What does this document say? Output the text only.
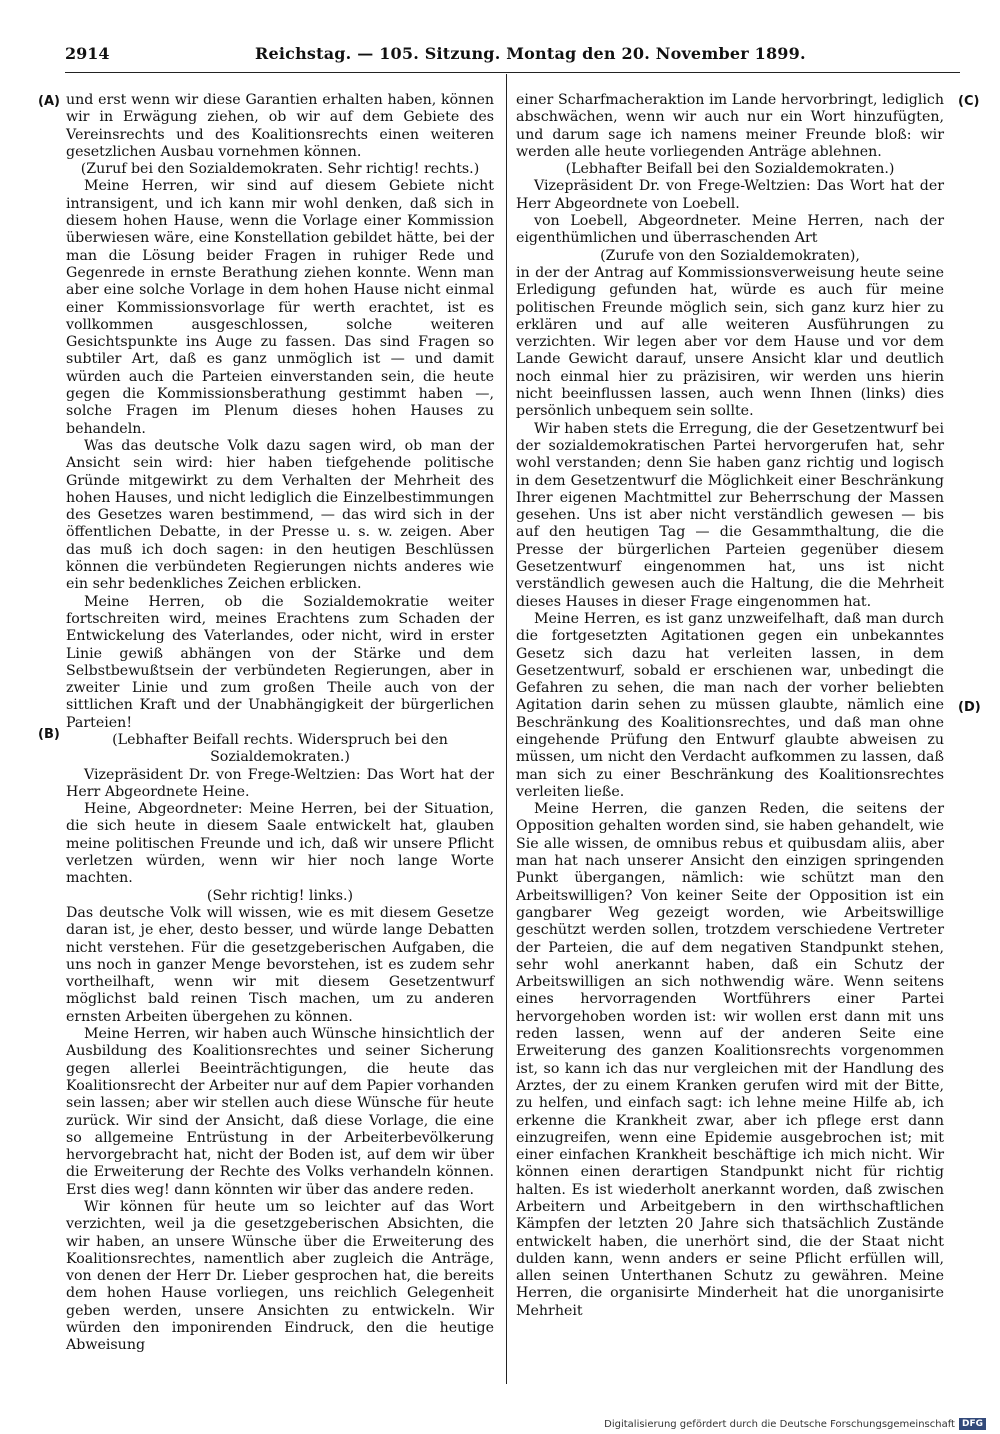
2914	Reichstag. — 105. Sitzung. Montag den 20. November 1899.
(A)
(B)
(C)
(D)

und erst wenn wir diese Garantien erhalten haben, können wir in Erwägung ziehen, ob wir auf dem Gebiete des Vereinsrechts und des Koalitionsrechts einen weiteren gesetzlichen Ausbau vornehmen können.

(Zuruf bei den Sozialdemokraten. Sehr richtig! rechts.)

Meine Herren, wir sind auf diesem Gebiete nicht intransigent, und ich kann mir wohl denken, daß sich in diesem hohen Hause, wenn die Vorlage einer Kommission überwiesen wäre, eine Konstellation gebildet hätte, bei der man die Lösung beider Fragen in ruhiger Rede und Gegenrede in ernste Berathung ziehen konnte. Wenn man aber eine solche Vorlage in dem hohen Hause nicht einmal einer Kommissionsvorlage für werth erachtet, ist es vollkommen ausgeschlossen, solche weiteren Gesichtspunkte ins Auge zu fassen. Das sind Fragen so subtiler Art, daß es ganz unmöglich ist — und damit würden auch die Parteien einverstanden sein, die heute gegen die Kommissionsberathung gestimmt haben —, solche Fragen im Plenum dieses hohen Hauses zu behandeln.

Was das deutsche Volk dazu sagen wird, ob man der Ansicht sein wird: hier haben tiefgehende politische Gründe mitgewirkt zu dem Verhalten der Mehrheit des hohen Hauses, und nicht lediglich die Einzelbestimmungen des Gesetzes waren bestimmend, — das wird sich in der öffentlichen Debatte, in der Presse u. s. w. zeigen. Aber das muß ich doch sagen: in den heutigen Beschlüssen können die verbündeten Regierungen nichts anderes wie ein sehr bedenkliches Zeichen erblicken.

Meine Herren, ob die Sozialdemokratie weiter fortschreiten wird, meines Erachtens zum Schaden der Entwickelung des Vaterlandes, oder nicht, wird in erster Linie gewiß abhängen von der Stärke und dem Selbstbewußtsein der verbündeten Regierungen, aber in zweiter Linie und zum großen Theile auch von der sittlichen Kraft und der Unabhängigkeit der bürgerlichen Parteien!

(Lebhafter Beifall rechts. Widerspruch bei den Sozialdemokraten.)

Vizepräsident Dr. von Frege-Weltzien: Das Wort hat der Herr Abgeordnete Heine.

Heine, Abgeordneter: Meine Herren, bei der Situation, die sich heute in diesem Saale entwickelt hat, glauben meine politischen Freunde und ich, daß wir unsere Pflicht verletzen würden, wenn wir hier noch lange Worte machten.

(Sehr richtig! links.)

Das deutsche Volk will wissen, wie es mit diesem Gesetze daran ist, je eher, desto besser, und würde lange Debatten nicht verstehen. Für die gesetzgeberischen Aufgaben, die uns noch in ganzer Menge bevorstehen, ist es zudem sehr vortheilhaft, wenn wir mit diesem Gesetzentwurf möglichst bald reinen Tisch machen, um zu anderen ernsten Arbeiten übergehen zu können.

Meine Herren, wir haben auch Wünsche hinsichtlich der Ausbildung des Koalitionsrechtes und seiner Sicherung gegen allerlei Beeinträchtigungen, die heute das Koalitionsrecht der Arbeiter nur auf dem Papier vorhanden sein lassen; aber wir stellen auch diese Wünsche für heute zurück. Wir sind der Ansicht, daß diese Vorlage, die eine so allgemeine Entrüstung in der Arbeiterbevölkerung hervorgebracht hat, nicht der Boden ist, auf dem wir über die Erweiterung der Rechte des Volks verhandeln können. Erst dies weg! dann könnten wir über das andere reden.

Wir können für heute um so leichter auf das Wort verzichten, weil ja die gesetzgeberischen Absichten, die wir haben, an unsere Wünsche über die Erweiterung des Koalitionsrechtes, namentlich aber zugleich die Anträge, von denen der Herr Dr. Lieber gesprochen hat, die bereits dem hohen Hause vorliegen, uns reichlich Gelegenheit geben werden, unsere Ansichten zu entwickeln. Wir würden den imponirenden Eindruck, den die heutige Abweisung

einer Scharfmacheraktion im Lande hervorbringt, lediglich abschwächen, wenn wir auch nur ein Wort hinzufügten, und darum sage ich namens meiner Freunde bloß: wir werden alle heute vorliegenden Anträge ablehnen.

(Lebhafter Beifall bei den Sozialdemokraten.)

Vizepräsident Dr. von Frege-Weltzien: Das Wort hat der Herr Abgeordnete von Loebell.

von Loebell, Abgeordneter. Meine Herren, nach der eigenthümlichen und überraschenden Art

(Zurufe von den Sozialdemokraten),

in der der Antrag auf Kommissionsverweisung heute seine Erledigung gefunden hat, würde es auch für meine politischen Freunde möglich sein, sich ganz kurz hier zu erklären und auf alle weiteren Ausführungen zu verzichten. Wir legen aber vor dem Hause und vor dem Lande Gewicht darauf, unsere Ansicht klar und deutlich noch einmal hier zu präzisiren, wir werden uns hierin nicht beeinflussen lassen, auch wenn Ihnen (links) dies persönlich unbequem sein sollte.

Wir haben stets die Erregung, die der Gesetzentwurf bei der sozialdemokratischen Partei hervorgerufen hat, sehr wohl verstanden; denn Sie haben ganz richtig und logisch in dem Gesetzentwurf die Möglichkeit einer Beschränkung Ihrer eigenen Machtmittel zur Beherrschung der Massen gesehen. Uns ist aber nicht verständlich gewesen — bis auf den heutigen Tag — die Gesammthaltung, die die Presse der bürgerlichen Parteien gegenüber diesem Gesetzentwurf eingenommen hat, uns ist nicht verständlich gewesen auch die Haltung, die die Mehrheit dieses Hauses in dieser Frage eingenommen hat.

Meine Herren, es ist ganz unzweifelhaft, daß man durch die fortgesetzten Agitationen gegen ein unbekanntes Gesetz sich dazu hat verleiten lassen, in dem Gesetzentwurf, sobald er erschienen war, unbedingt die Gefahren zu sehen, die man nach der vorher beliebten Agitation darin sehen zu müssen glaubte, nämlich eine Beschränkung des Koalitionsrechtes, und daß man ohne eingehende Prüfung den Entwurf glaubte abweisen zu müssen, um nicht den Verdacht aufkommen zu lassen, daß man sich zu einer Beschränkung des Koalitionsrechtes verleiten ließe.

Meine Herren, die ganzen Reden, die seitens der Opposition gehalten worden sind, sie haben gehandelt, wie Sie alle wissen, de omnibus rebus et quibusdam aliis, aber man hat nach unserer Ansicht den einzigen springenden Punkt übergangen, nämlich: wie schützt man den Arbeitswilligen? Von keiner Seite der Opposition ist ein gangbarer Weg gezeigt worden, wie Arbeitswillige geschützt werden sollen, trotzdem verschiedene Vertreter der Parteien, die auf dem negativen Standpunkt stehen, sehr wohl anerkannt haben, daß ein Schutz der Arbeitswilligen an sich nothwendig wäre. Wenn seitens eines hervorragenden Wortführers einer Partei hervorgehoben worden ist: wir wollen erst dann mit uns reden lassen, wenn auf der anderen Seite eine Erweiterung des ganzen Koalitionsrechts vorgenommen ist, so kann ich das nur vergleichen mit der Handlung des Arztes, der zu einem Kranken gerufen wird mit der Bitte, zu helfen, und einfach sagt: ich lehne meine Hilfe ab, ich erkenne die Krankheit zwar, aber ich pflege erst dann einzugreifen, wenn eine Epidemie ausgebrochen ist; mit einer einfachen Krankheit beschäftige ich mich nicht. Wir können einen derartigen Standpunkt nicht für richtig halten. Es ist wiederholt anerkannt worden, daß zwischen Arbeitern und Arbeitgebern in den wirthschaftlichen Kämpfen der letzten 20 Jahre sich thatsächlich Zustände entwickelt haben, die unerhört sind, die der Staat nicht dulden kann, wenn anders er seine Pflicht erfüllen will, allen seinen Unterthanen Schutz zu gewähren. Meine Herren, die organisirte Minderheit hat die unorganisirte Mehrheit

Digitalisierung gefördert durch die Deutsche Forschungsgemeinschaft DFG
